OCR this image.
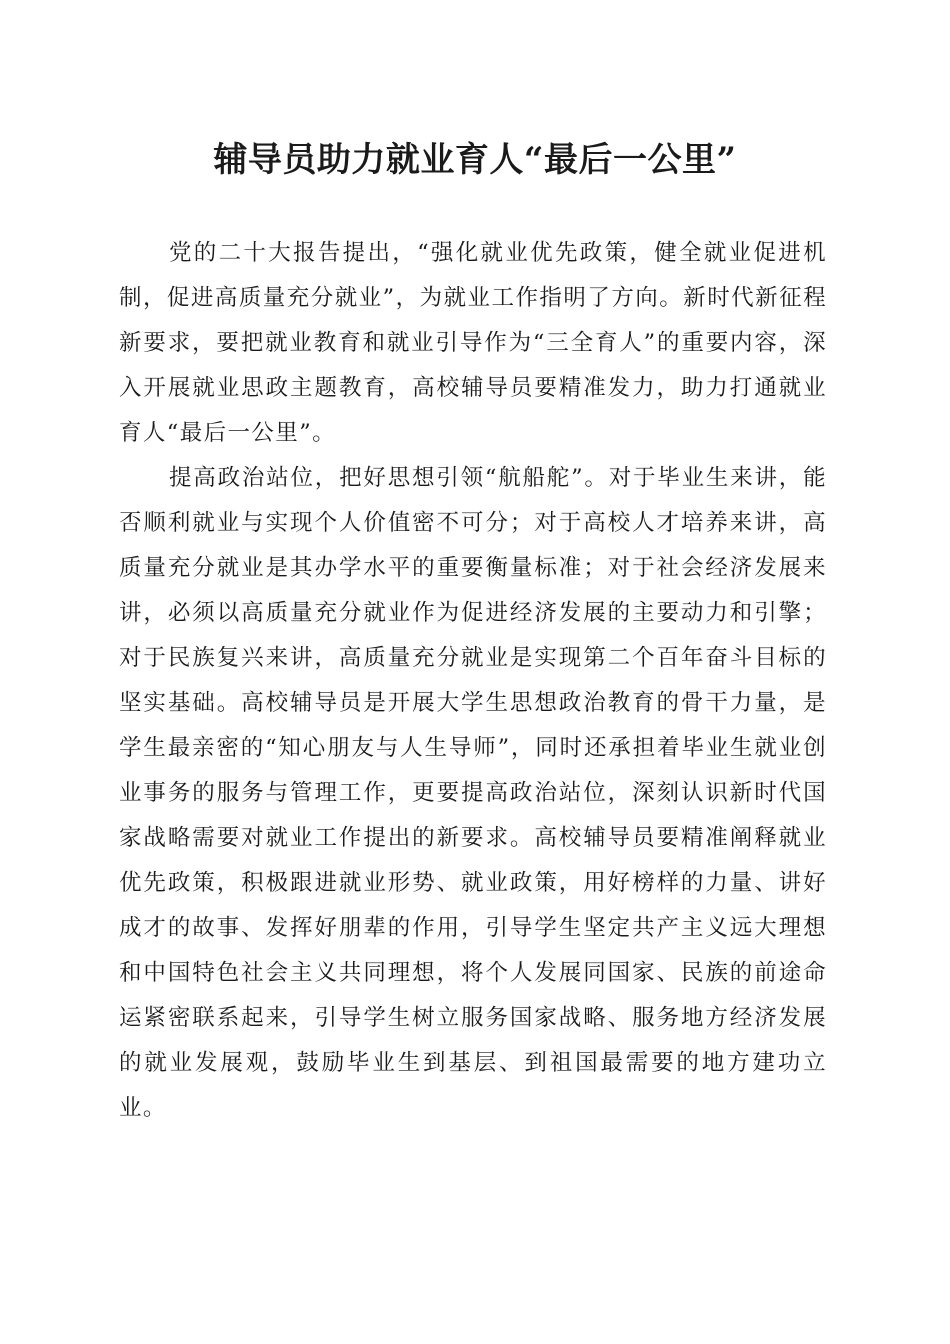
辅导员助力就业育人“最后一公里”

党的二十大报告提出，“强化就业优先政策，健全就业促进机制，促进高质量充分就业”，为就业工作指明了方向。新时代新征程新要求，要把就业教育和就业引导作为“三全育人”的重要内容，深入开展就业思政主题教育，高校辅导员要精准发力，助力打通就业育人“最后一公里”。

提高政治站位，把好思想引领“航船舵”。对于毕业生来讲，能否顺利就业与实现个人价值密不可分；对于高校人才培养来讲，高质量充分就业是其办学水平的重要衡量标准；对于社会经济发展来讲，必须以高质量充分就业作为促进经济发展的主要动力和引擎；对于民族复兴来讲，高质量充分就业是实现第二个百年奋斗目标的坚实基础。高校辅导员是开展大学生思想政治教育的骨干力量，是学生最亲密的“知心朋友与人生导师”，同时还承担着毕业生就业创业事务的服务与管理工作，更要提高政治站位，深刻认识新时代国家战略需要对就业工作提出的新要求。高校辅导员要精准阐释就业优先政策，积极跟进就业形势、就业政策，用好榜样的力量、讲好成才的故事、发挥好朋辈的作用，引导学生坚定共产主义远大理想和中国特色社会主义共同理想，将个人发展同国家、民族的前途命运紧密联系起来，引导学生树立服务国家战略、服务地方经济发展的就业发展观，鼓励毕业生到基层、到祖国最需要的地方建功立业。
